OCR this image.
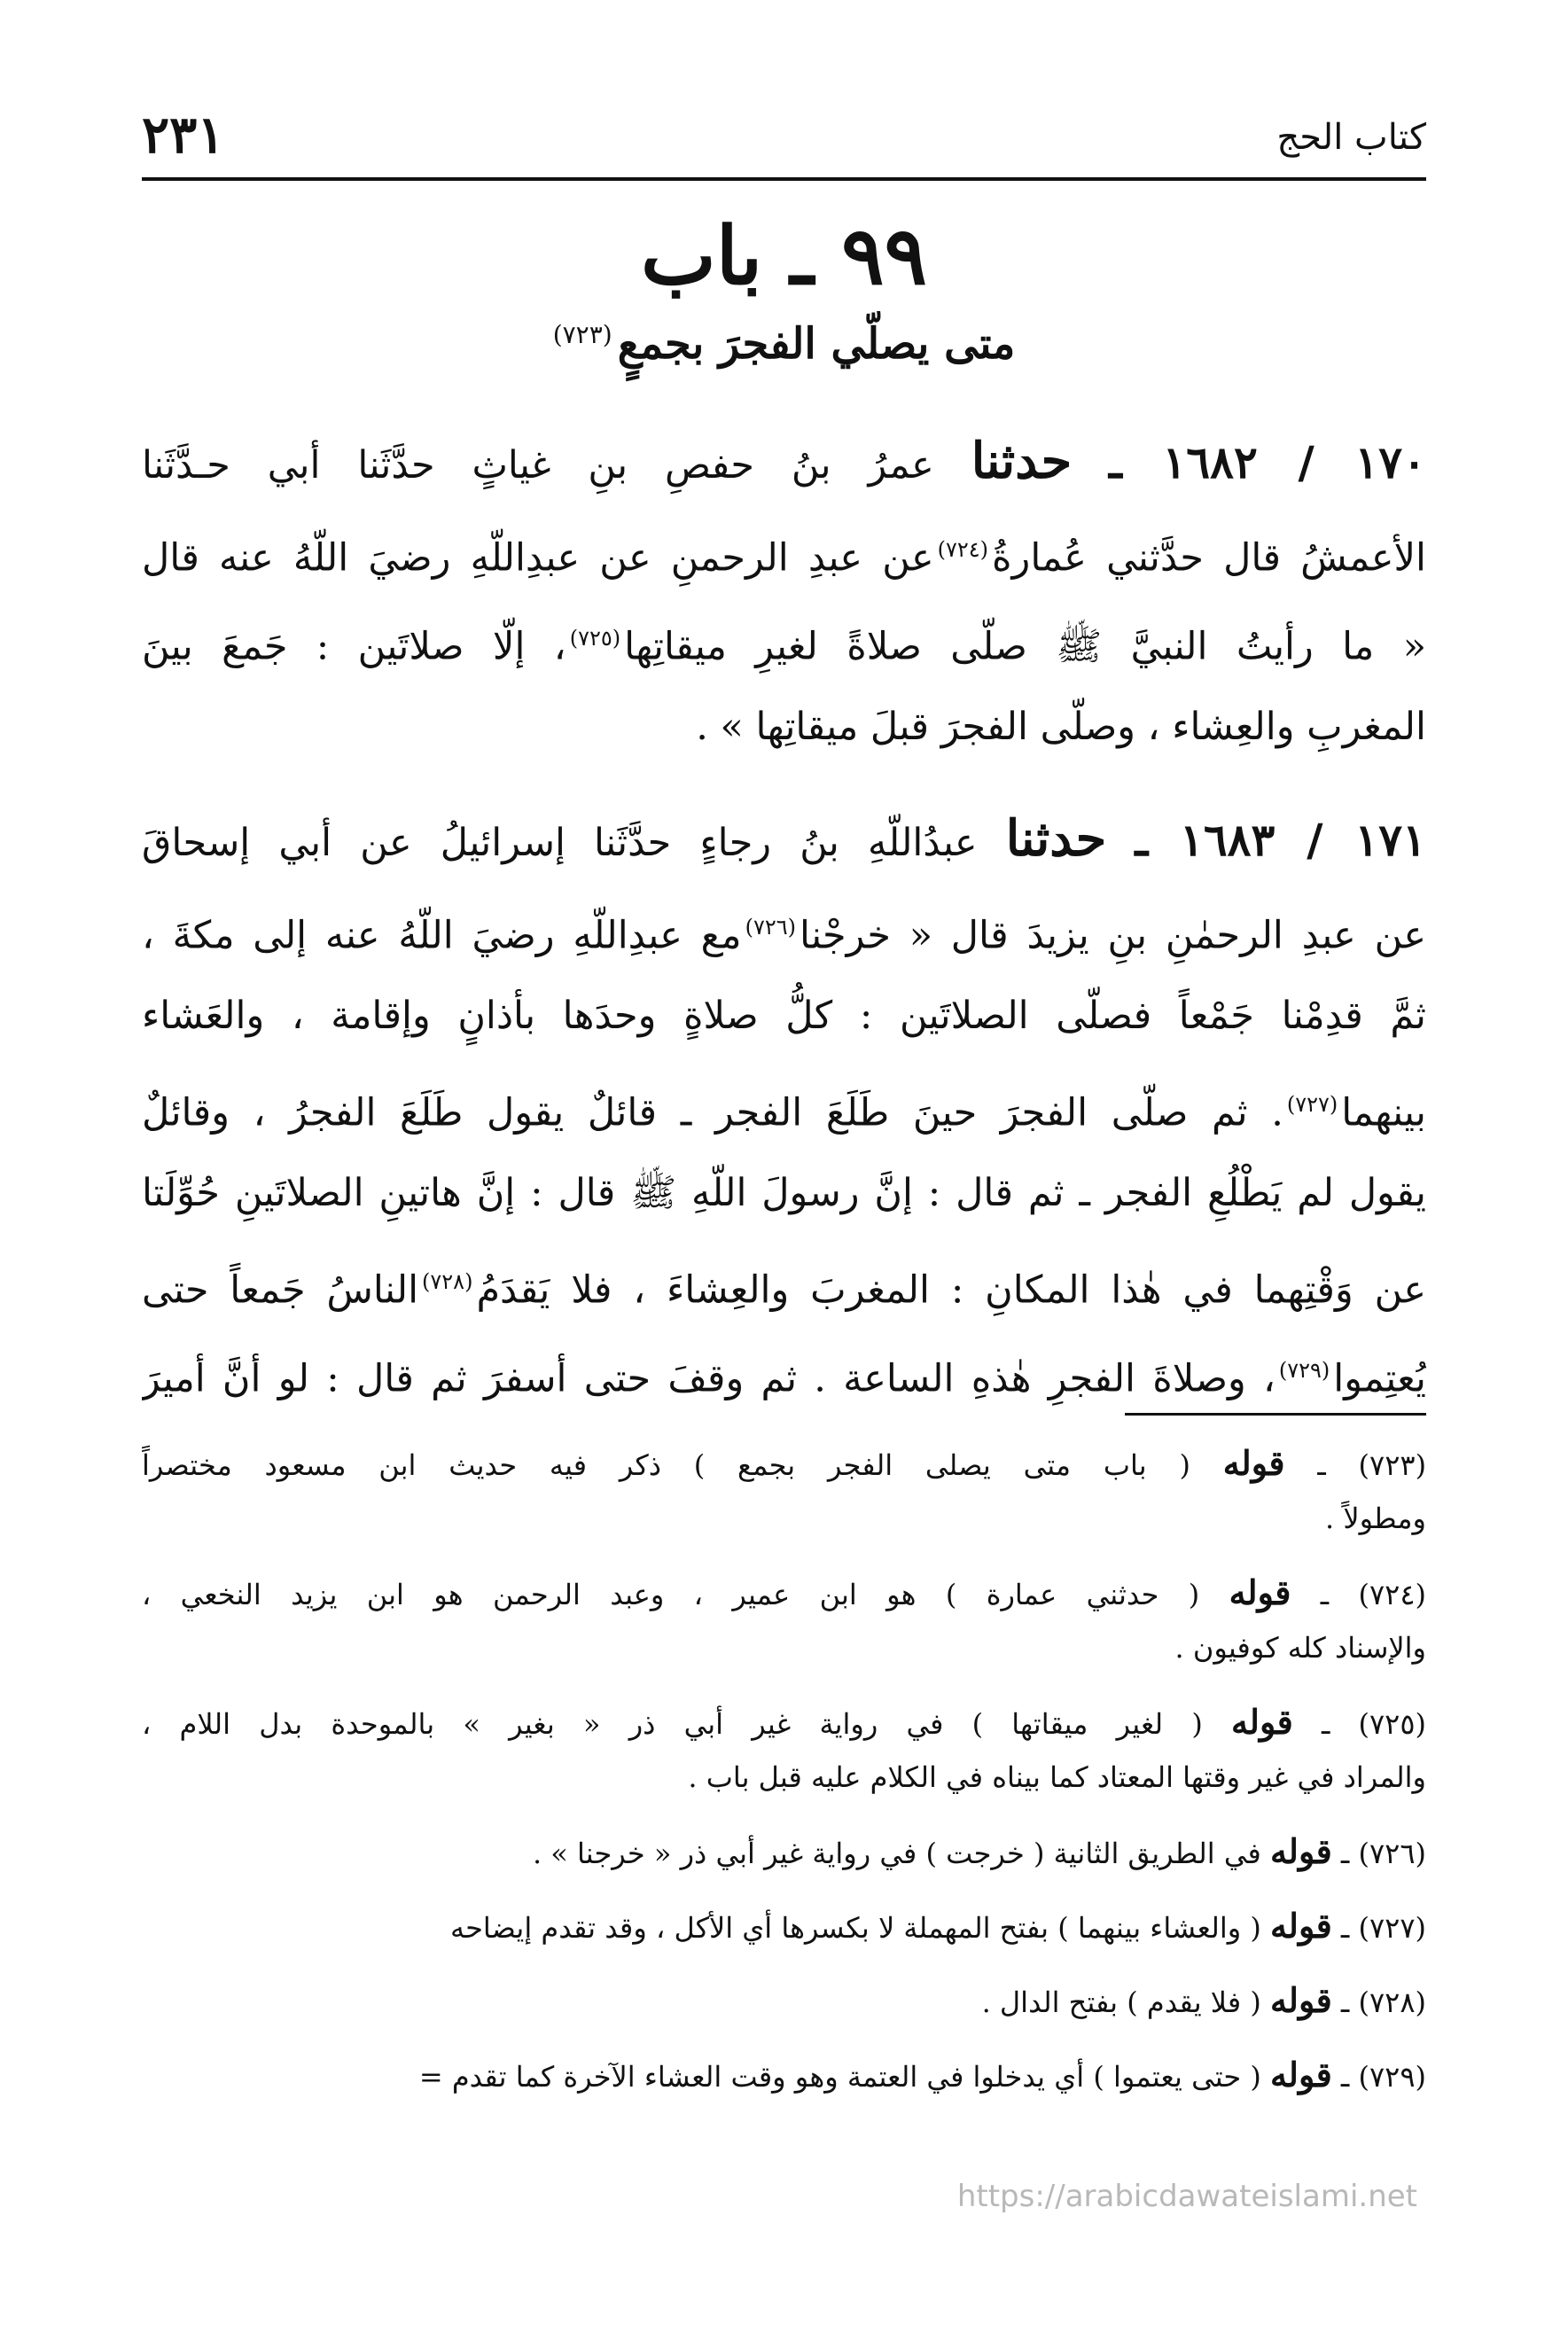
كتاب الحج
٢٣١
٩٩ ـ باب
متى يصلّي الفجرَ بجمعٍ$^{(٧٢٣)}$
١٧٠ / ١٦٨٢ ـ حدثنا عمرُ بنُ حفصِ بنِ غياثٍ حدَّثَنا أبي حـدَّثَنا
الأعمشُ قال حدَّثني عُمارةُ$^{(٧٢٤)}$عن عبدِ الرحمنِ عن عبدِاللّهِ رضيَ اللّهُ عنه قال
« ما رأيتُ النبيَّ ﷺ صلّى صلاةً لغيرِ ميقاتِها$^{(٧٢٥)}$، إلّا صلاتَين : جَمعَ بينَ
المغربِ والعِشاء ، وصلّى الفجرَ قبلَ ميقاتِها » .
١٧١ / ١٦٨٣ ـ حدثنا عبدُاللّهِ بنُ رجاءٍ حدَّثَنا إسرائيلُ عن أبي إسحاقَ
عن عبدِ الرحمٰنِ بنِ يزيدَ قال « خرجْنا$^{(٧٢٦)}$مع عبدِاللّهِ رضيَ اللّهُ عنه إلى مكةَ ،
ثمَّ قدِمْنا جَمْعاً فصلّى الصلاتَين : كلُّ صلاةٍ وحدَها بأذانٍ وإقامة ، والعَشاء
بينهما$^{(٧٢٧)}$. ثم صلّى الفجرَ حينَ طَلَعَ الفجر ـ قائلٌ يقول طَلَعَ الفجرُ ، وقائلٌ
يقول لم يَطْلُعِ الفجر ـ ثم قال : إنَّ رسولَ اللّهِ ﷺ قال : إنَّ هاتينِ الصلاتَينِ حُوِّلَتا
عن وَقْتِهما في هٰذا المكانِ : المغربَ والعِشاءَ ، فلا يَقدَمُ$^{(٧٢٨)}$الناسُ جَمعاً حتى
يُعتِموا$^{(٧٢٩)}$، وصلاةَ الفجرِ هٰذهِ الساعة . ثم وقفَ حتى أسفرَ ثم قال : لو أنَّ أميرَ
(٧٢٣) ـ قوله ( باب متى يصلى الفجر بجمع ) ذكر فيه حديث ابن مسعود مختصراً
ومطولاً .
(٧٢٤) ـ قوله ( حدثني عمارة ) هو ابن عمير ، وعبد الرحمن هو ابن يزيد النخعي ،
والإسناد كله كوفيون .
(٧٢٥) ـ قوله ( لغير ميقاتها ) في رواية غير أبي ذر « بغير » بالموحدة بدل اللام ،
والمراد في غير وقتها المعتاد كما بيناه في الكلام عليه قبل باب .
(٧٢٦) ـ قوله في الطريق الثانية ( خرجت ) في رواية غير أبي ذر « خرجنا » .
(٧٢٧) ـ قوله ( والعشاء بينهما ) بفتح المهملة لا بكسرها أي الأكل ، وقد تقدم إيضاحه
(٧٢٨) ـ قوله ( فلا يقدم ) بفتح الدال .
(٧٢٩) ـ قوله ( حتى يعتموا ) أي يدخلوا في العتمة وهو وقت العشاء الآخرة كما تقدم =
https://arabicdawateislami.net
